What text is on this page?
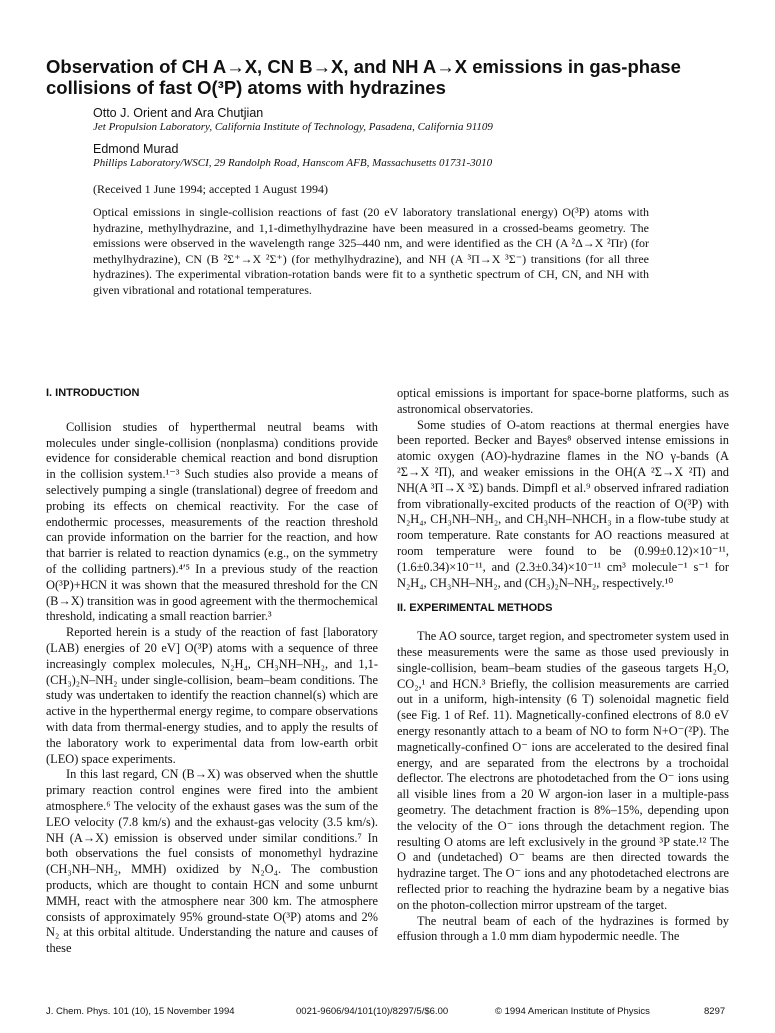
Observation of CH A→X, CN B→X, and NH A→X emissions in gas-phase collisions of fast O(³P) atoms with hydrazines
Otto J. Orient and Ara Chutjian
Jet Propulsion Laboratory, California Institute of Technology, Pasadena, California 91109
Edmond Murad
Phillips Laboratory/WSCI, 29 Randolph Road, Hanscom AFB, Massachusetts 01731-3010
(Received 1 June 1994; accepted 1 August 1994)

Optical emissions in single-collision reactions of fast (20 eV laboratory translational energy) O(³P) atoms with hydrazine, methylhydrazine, and 1,1-dimethylhydrazine have been measured in a crossed-beams geometry. The emissions were observed in the wavelength range 325–440 nm, and were identified as the CH (A ²Δ→X ²Πr) (for methylhydrazine), CN (B ²Σ⁺→X ²Σ⁺) (for methylhydrazine), and NH (A ³Π→X ³Σ⁻) transitions (for all three hydrazines). The experimental vibration-rotation bands were fit to a synthetic spectrum of CH, CN, and NH with given vibrational and rotational temperatures.

I. INTRODUCTION

Collision studies of hyperthermal neutral beams with molecules under single-collision (nonplasma) conditions provide evidence for considerable chemical reaction and bond disruption in the collision system.¹⁻³ Such studies also provide a means of selectively pumping a single (translational) degree of freedom and probing its effects on chemical reactivity. For the case of endothermic processes, measurements of the reaction threshold can provide information on the barrier for the reaction, and how that barrier is related to reaction dynamics (e.g., on the symmetry of the colliding partners).⁴ʹ⁵ In a previous study of the reaction O(³P)+HCN it was shown that the measured threshold for the CN (B→X) transition was in good agreement with the thermochemical threshold, indicating a small reaction barrier.³

Reported herein is a study of the reaction of fast [laboratory (LAB) energies of 20 eV] O(³P) atoms with a sequence of three increasingly complex molecules, N₂H₄, CH₃NH–NH₂, and 1,1-(CH₃)₂N–NH₂ under single-collision, beam–beam conditions. The study was undertaken to identify the reaction channel(s) which are active in the hyperthermal energy regime, to compare observations with data from thermal-energy studies, and to apply the results of the laboratory work to experimental data from low-earth orbit (LEO) space experiments.

In this last regard, CN (B→X) was observed when the shuttle primary reaction control engines were fired into the ambient atmosphere.⁶ The velocity of the exhaust gases was the sum of the LEO velocity (7.8 km/s) and the exhaust-gas velocity (3.5 km/s). NH (A→X) emission is observed under similar conditions.⁷ In both observations the fuel consists of monomethyl hydrazine (CH₃NH–NH₂, MMH) oxidized by N₂O₄. The combustion products, which are thought to contain HCN and some unburnt MMH, react with the atmosphere near 300 km. The atmosphere consists of approximately 95% ground-state O(³P) atoms and 2% N₂ at this orbital altitude. Understanding the nature and causes of these

optical emissions is important for space-borne platforms, such as astronomical observatories.

Some studies of O-atom reactions at thermal energies have been reported. Becker and Bayes⁸ observed intense emissions in atomic oxygen (AO)-hydrazine flames in the NO γ-bands (A ²Σ→X ²Π), and weaker emissions in the OH(A ²Σ→X ²Π) and NH(A ³Π→X ³Σ) bands. Dimpfl et al.⁹ observed infrared radiation from vibrationally-excited products of the reaction of O(³P) with N₂H₄, CH₃NH–NH₂, and CH₃NH–NHCH₃ in a flow-tube study at room temperature. Rate constants for AO reactions measured at room temperature were found to be (0.99±0.12)×10⁻¹¹, (1.6±0.34)×10⁻¹¹, and (2.3±0.34)×10⁻¹¹ cm³ molecule⁻¹ s⁻¹ for N₂H₄, CH₃NH–NH₂, and (CH₃)₂N–NH₂, respectively.¹⁰

II. EXPERIMENTAL METHODS

The AO source, target region, and spectrometer system used in these measurements were the same as those used previously in single-collision, beam–beam studies of the gaseous targets H₂O, CO₂,¹ and HCN.³ Briefly, the collision measurements are carried out in a uniform, high-intensity (6 T) solenoidal magnetic field (see Fig. 1 of Ref. 11). Magnetically-confined electrons of 8.0 eV energy resonantly attach to a beam of NO to form N+O⁻(²P). The magnetically-confined O⁻ ions are accelerated to the desired final energy, and are separated from the electrons by a trochoidal deflector. The electrons are photodetached from the O⁻ ions using all visible lines from a 20 W argon-ion laser in a multiple-pass geometry. The detachment fraction is 8%–15%, depending upon the velocity of the O⁻ ions through the detachment region. The resulting O atoms are left exclusively in the ground ³P state.¹² The O and (undetached) O⁻ beams are then directed towards the hydrazine target. The O⁻ ions and any photodetached electrons are reflected prior to reaching the hydrazine beam by a negative bias on the photon-collection mirror upstream of the target.

The neutral beam of each of the hydrazines is formed by effusion through a 1.0 mm diam hypodermic needle. The

J. Chem. Phys. 101 (10), 15 November 1994	0021-9606/94/101(10)/8297/5/$6.00	© 1994 American Institute of Physics	8297
